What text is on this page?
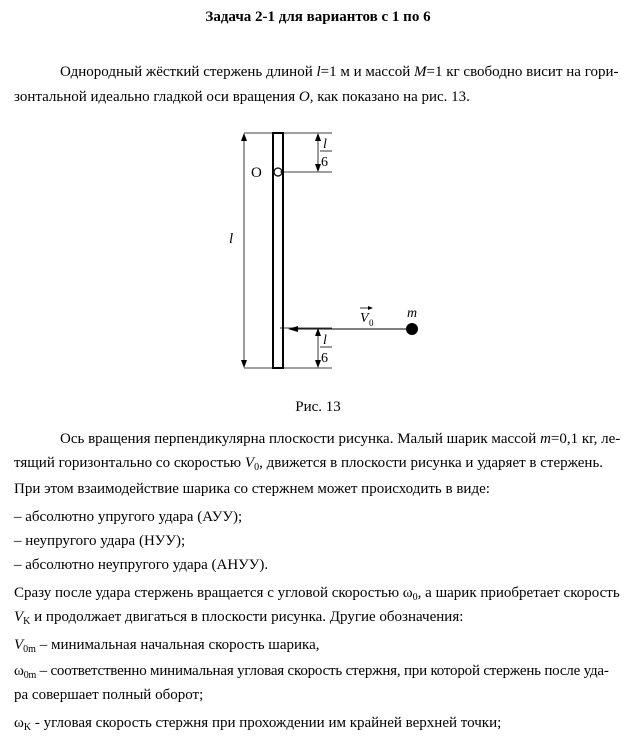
Задача 2-1 для вариантов с 1 по 6
Однородный жёсткий стержень длиной l=1 м и массой M=1 кг свободно висит на гори-
зонтальной идеально гладкой оси вращения O, как показано на рис. 13.
O
l
l
6
l
6
V 0
m
Рис. 13
Ось вращения перпендикулярна плоскости рисунка. Малый шарик массой m=0,1 кг, ле-
тящий горизонтально со скоростью $V_0$, движется в плоскости рисунка и ударяет в стержень.
При этом взаимодействие шарика со стержнем может происходить в виде:
– абсолютно упругого удара (АУУ);
– неупругого удара (НУУ);
– абсолютно неупругого удара (АНУУ).
Сразу после удара стержень вращается с угловой скоростью $\omega_0$, а шарик приобретает скорость
$V_K$ и продолжает двигаться в плоскости рисунка. Другие обозначения:
$V_{0m}$ – минимальная начальная скорость шарика,
$\omega_{0m}$ – соответственно минимальная угловая скорость стержня, при которой стержень после уда-
ра совершает полный оборот;
$\omega_K$ - угловая скорость стержня при прохождении им крайней верхней точки;
